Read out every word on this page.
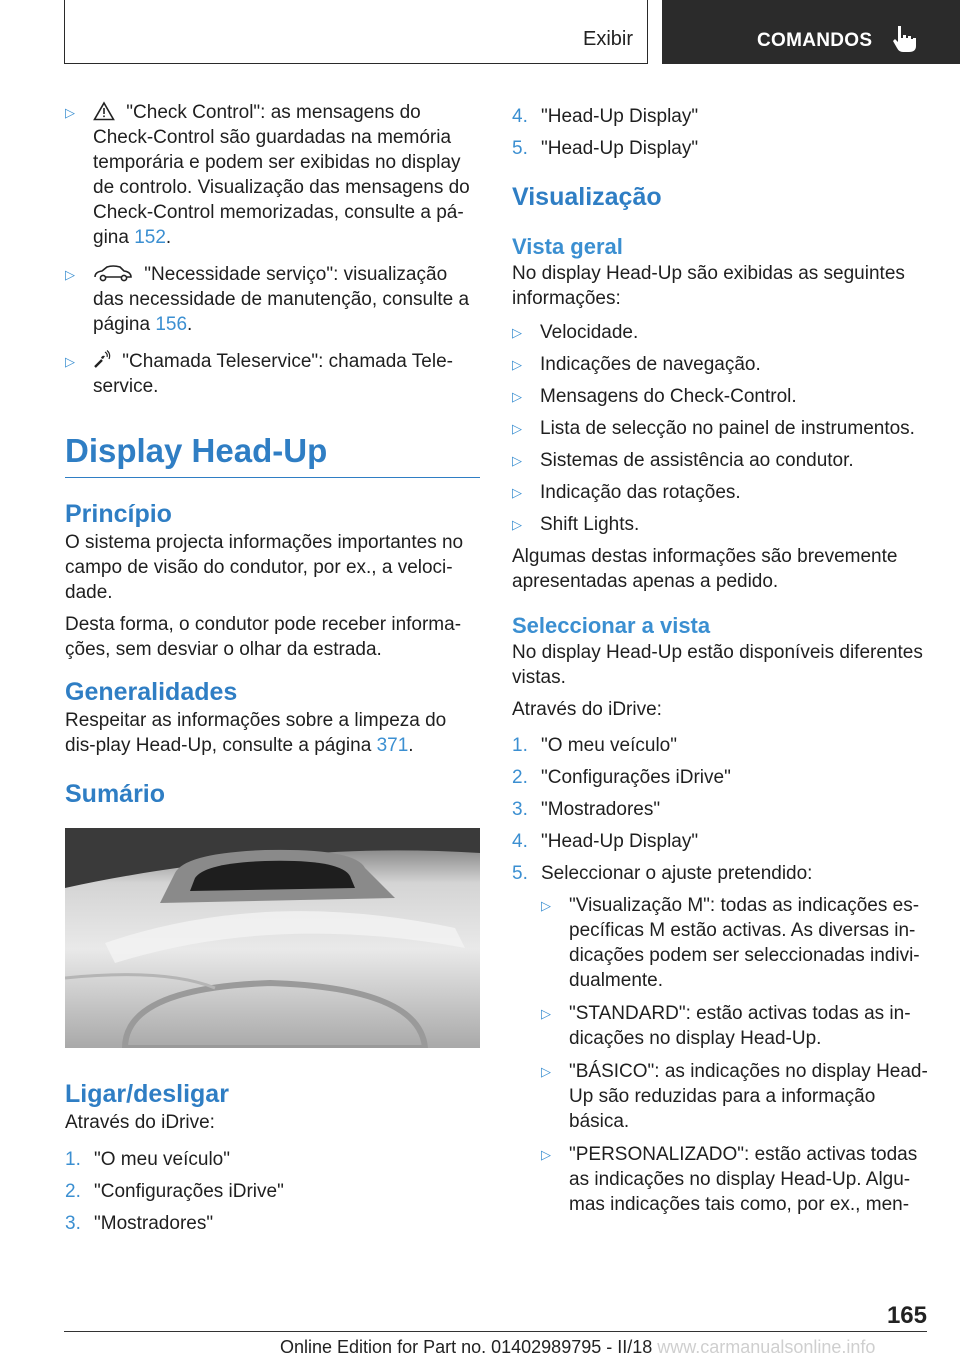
Exibir	COMANDOS
▷	"Check Control": as mensagens do Check-Control são guardadas na memória temporária e podem ser exibidas no display de controlo. Visualização das mensagens do Check-Control memorizadas, consulte a pá-gina 152.

▷	"Necessidade serviço": visualização das necessidade de manutenção, consulte a página 156.

▷	"Chamada Teleservice": chamada Tele-service.

Display Head-Up
Princípio

O sistema projecta informações importantes no campo de visão do condutor, por ex., a veloci-dade.

Desta forma, o condutor pode receber informa-ções, sem desviar o olhar da estrada.

Generalidades

Respeitar as informações sobre a limpeza do dis-play Head-Up, consulte a página 371.

Sumário
Ligar/desligar

Através do iDrive:

1. "O meu veículo"

2. "Configurações iDrive"

3. "Mostradores"

4. "Head-Up Display"

5. "Head-Up Display"

Visualização
Vista geral

No display Head-Up são exibidas as seguintes informações:

▷ Velocidade.

▷ Indicações de navegação.

▷ Mensagens do Check-Control.

▷ Lista de selecção no painel de instrumentos.

▷ Sistemas de assistência ao condutor.

▷ Indicação das rotações.

▷ Shift Lights.

Algumas destas informações são brevemente apresentadas apenas a pedido.

Seleccionar a vista

No display Head-Up estão disponíveis diferentes vistas.

Através do iDrive:

1. "O meu veículo"

2. "Configurações iDrive"

3. "Mostradores"

4. "Head-Up Display"

5. Seleccionar o ajuste pretendido:

▷ "Visualização M": todas as indicações es-pecíficas M estão activas. As diversas in-dicações podem ser seleccionadas indivi-dualmente.

▷ "STANDARD": estão activas todas as in-dicações no display Head-Up.

▷ "BÁSICO": as indicações no display Head-Up são reduzidas para a informação básica.

▷ "PERSONALIZADO": estão activas todas as indicações no display Head-Up. Algu-mas indicações tais como, por ex., men-

165
Online Edition for Part no. 01402989795 - II/18 www.carmanualsonline.info
